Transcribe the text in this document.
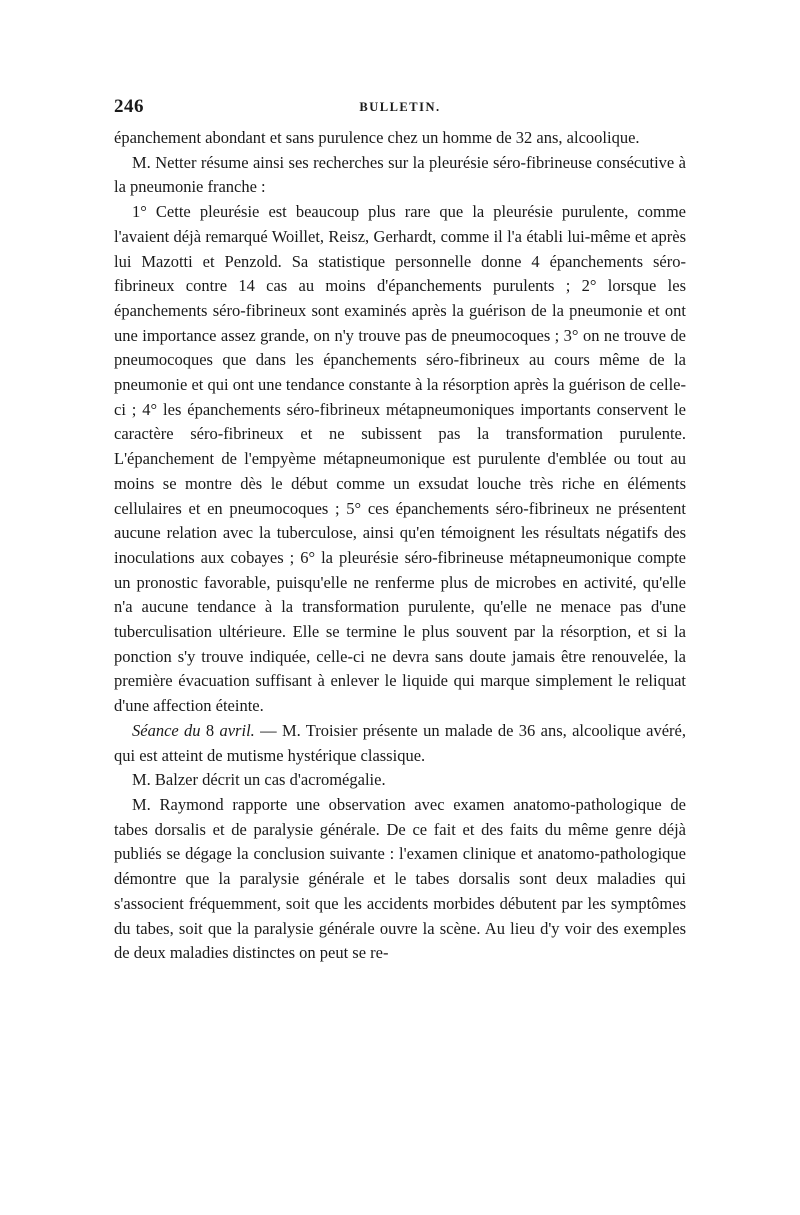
246	BULLETIN.

épanchement abondant et sans purulence chez un homme de 32 ans, alcoolique.

M. Netter résume ainsi ses recherches sur la pleurésie séro-fibrineuse consécutive à la pneumonie franche :

1° Cette pleurésie est beaucoup plus rare que la pleurésie purulente, comme l'avaient déjà remarqué Woillet, Reisz, Gerhardt, comme il l'a établi lui-même et après lui Mazotti et Penzold. Sa statistique personnelle donne 4 épanchements séro-fibrineux contre 14 cas au moins d'épanchements purulents ; 2° lorsque les épanchements séro-fibrineux sont examinés après la guérison de la pneumonie et ont une importance assez grande, on n'y trouve pas de pneumocoques ; 3° on ne trouve de pneumocoques que dans les épanchements séro-fibrineux au cours même de la pneumonie et qui ont une tendance constante à la résorption après la guérison de celle-ci ; 4° les épanchements séro-fibrineux métapneumoniques importants conservent le caractère séro-fibrineux et ne subissent pas la transformation purulente. L'épanchement de l'empyème métapneumonique est purulente d'emblée ou tout au moins se montre dès le début comme un exsudat louche très riche en éléments cellulaires et en pneumocoques ; 5° ces épanchements séro-fibrineux ne présentent aucune relation avec la tuberculose, ainsi qu'en témoignent les résultats négatifs des inoculations aux cobayes ; 6° la pleurésie séro-fibrineuse métapneumonique compte un pronostic favorable, puisqu'elle ne renferme plus de microbes en activité, qu'elle n'a aucune tendance à la transformation purulente, qu'elle ne menace pas d'une tuberculisation ultérieure. Elle se termine le plus souvent par la résorption, et si la ponction s'y trouve indiquée, celle-ci ne devra sans doute jamais être renouvelée, la première évacuation suffisant à enlever le liquide qui marque simplement le reliquat d'une affection éteinte.

Séance du 8 avril. — M. Troisier présente un malade de 36 ans, alcoolique avéré, qui est atteint de mutisme hystérique classique.

M. Balzer décrit un cas d'acromégalie.

M. Raymond rapporte une observation avec examen anatomo-pathologique de tabes dorsalis et de paralysie générale. De ce fait et des faits du même genre déjà publiés se dégage la conclusion suivante : l'examen clinique et anatomo-pathologique démontre que la paralysie générale et le tabes dorsalis sont deux maladies qui s'associent fréquemment, soit que les accidents morbides débutent par les symptômes du tabes, soit que la paralysie générale ouvre la scène. Au lieu d'y voir des exemples de deux maladies distinctes on peut se re-
